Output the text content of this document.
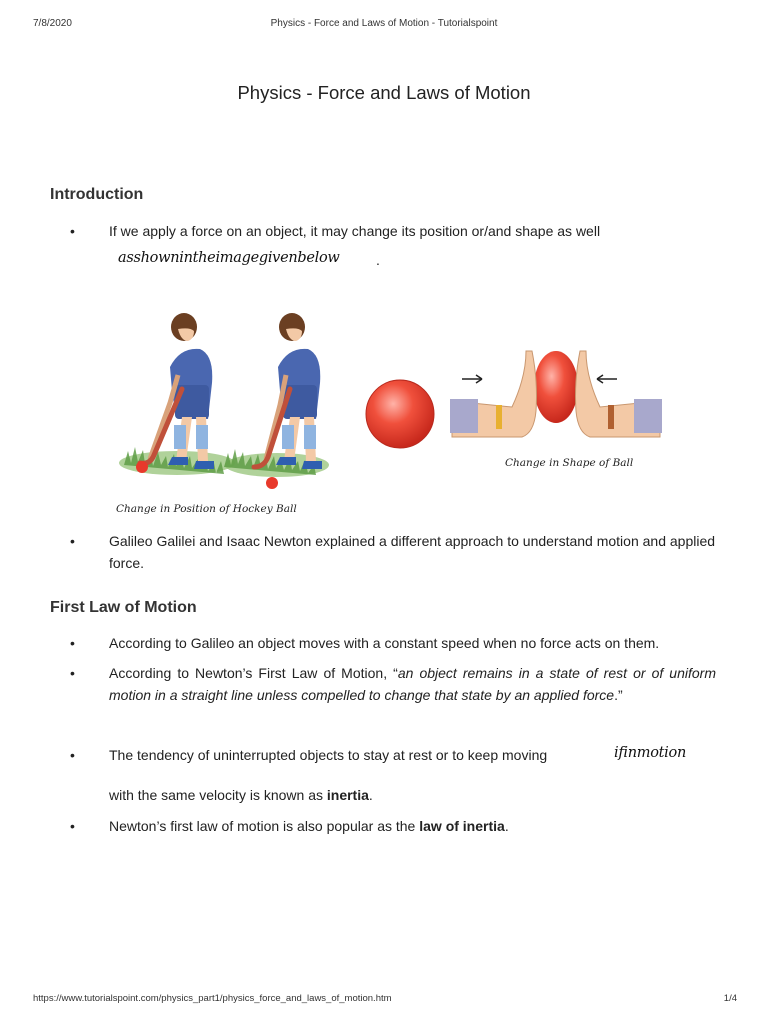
7/8/2020	Physics - Force and Laws of Motion - Tutorialspoint
Physics - Force and Laws of Motion
Introduction
• If we apply a force on an object, it may change its position or/and shape as well
asshownintheimagegivenbelow	.
Change in Position of Hockey Ball
Change in Shape of Ball
• Galileo Galilei and Isaac Newton explained a different approach to understand motion and applied force.
First Law of Motion
• According to Galileo an object moves with a constant speed when no force acts on them.
• According to Newton’s First Law of Motion, “an object remains in a state of rest or of uniform motion in a straight line unless compelled to change that state by an applied force.”
• The tendency of uninterrupted objects to stay at rest or to keep moving	ifinmotion
with the same velocity is known as inertia.
• Newton’s first law of motion is also popular as the law of inertia.
https://www.tutorialspoint.com/physics_part1/physics_force_and_laws_of_motion.htm	1/4
